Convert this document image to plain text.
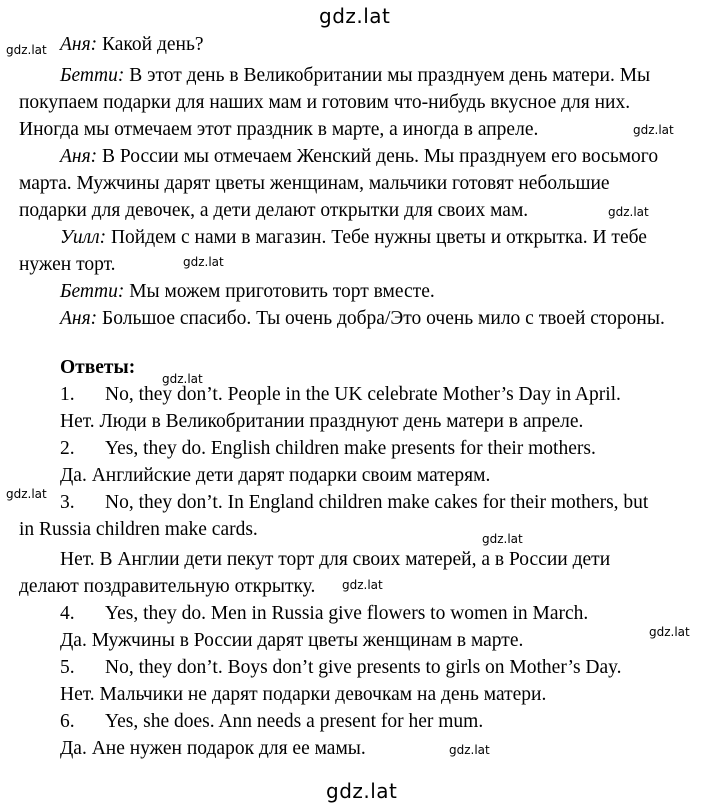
gdz.lat
gdz.lat
gdz.lat
gdz.lat
gdz.lat
gdz.lat
gdz.lat
gdz.lat
gdz.lat
gdz.lat
gdz.lat
gdz.lat
Аня: Какой день?
Бетти: В этот день в Великобритании мы празднуем день матери. Мы
покупаем подарки для наших мам и готовим что-нибудь вкусное для них.
Иногда мы отмечаем этот праздник в марте, а иногда в апреле.
Аня: В России мы отмечаем Женский день. Мы празднуем его восьмого
марта. Мужчины дарят цветы женщинам, мальчики готовят небольшие
подарки для девочек, а дети делают открытки для своих мам.
Уилл: Пойдем с нами в магазин. Тебе нужны цветы и открытка. И тебе
нужен торт.
Бетти: Мы можем приготовить торт вместе.
Аня: Большое спасибо. Ты очень добра/Это очень мило с твоей стороны.
Ответы:
1. No, they don’t. People in the UK celebrate Mother’s Day in April.
Нет. Люди в Великобритании празднуют день матери в апреле.
2. Yes, they do. English children make presents for their mothers.
Да. Английские дети дарят подарки своим матерям.
3. No, they don’t. In England children make cakes for their mothers, but
in Russia children make cards.
Нет. В Англии дети пекут торт для своих матерей, а в России дети
делают поздравительную открытку.
4. Yes, they do. Men in Russia give flowers to women in March.
Да. Мужчины в России дарят цветы женщинам в марте.
5. No, they don’t. Boys don’t give presents to girls on Mother’s Day.
Нет. Мальчики не дарят подарки девочкам на день матери.
6. Yes, she does. Ann needs a present for her mum.
Да. Ане нужен подарок для ее мамы.
